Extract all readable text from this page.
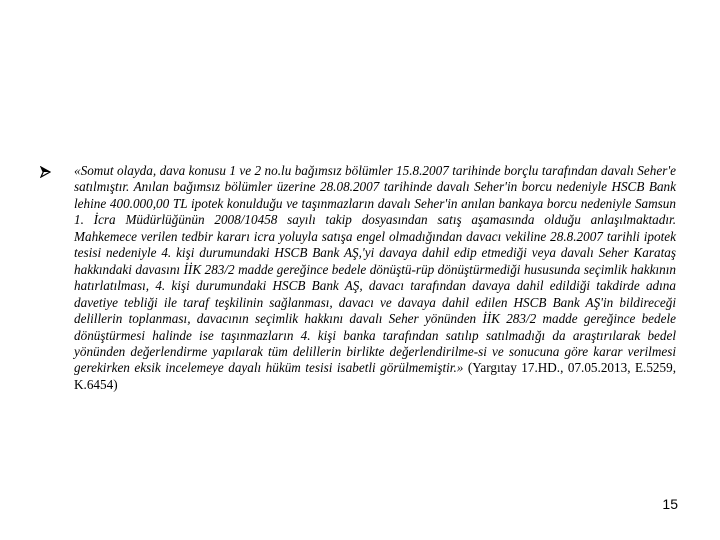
«Somut olayda, dava konusu 1 ve 2 no.lu bağımsız bölümler 15.8.2007 tarihinde borçlu tarafından davalı Seher'e satılmıştır. Anılan bağımsız bölümler üzerine 28.08.2007 tarihinde davalı Seher'in borcu nedeniyle HSCB Bank lehine 400.000,00 TL ipotek konulduğu ve taşınmazların davalı Seher'in anılan bankaya borcu nedeniyle Samsun 1. İcra Müdürlüğünün 2008/10458 sayılı takip dosyasından satış aşamasında olduğu anlaşılmaktadır. Mahkemece verilen tedbir kararı icra yoluyla satışa engel olmadığından davacı vekiline 28.8.2007 tarihli ipotek tesisi nedeniyle 4. kişi durumundaki HSCB Bank AŞ,'yi davaya dahil edip etmediği veya davalı Seher Karataş hakkındaki davasını İİK 283/2 madde gereğince bedele dönüştü-rüp dönüştürmediği hususunda seçimlik hakkının hatırlatılması, 4. kişi durumundaki HSCB Bank AŞ, davacı tarafından davaya dahil edildiği takdirde adına davetiye tebliği ile taraf teşkilinin sağlanması, davacı ve davaya dahil edilen HSCB Bank AŞ'in bildireceği delillerin toplanması, davacının seçimlik hakkını davalı Seher yönünden İİK 283/2 madde gereğince bedele dönüştürmesi halinde ise taşınmazların 4. kişi banka tarafından satılıp satılmadığı da araştırılarak bedel yönünden değerlendirme yapılarak tüm delillerin birlikte değerlendirilme-si ve sonucuna göre karar verilmesi gerekirken eksik incelemeye dayalı hüküm tesisi isabetli görülmemiştir.» (Yargıtay 17.HD., 07.05.2013, E.5259, K.6454)

15
